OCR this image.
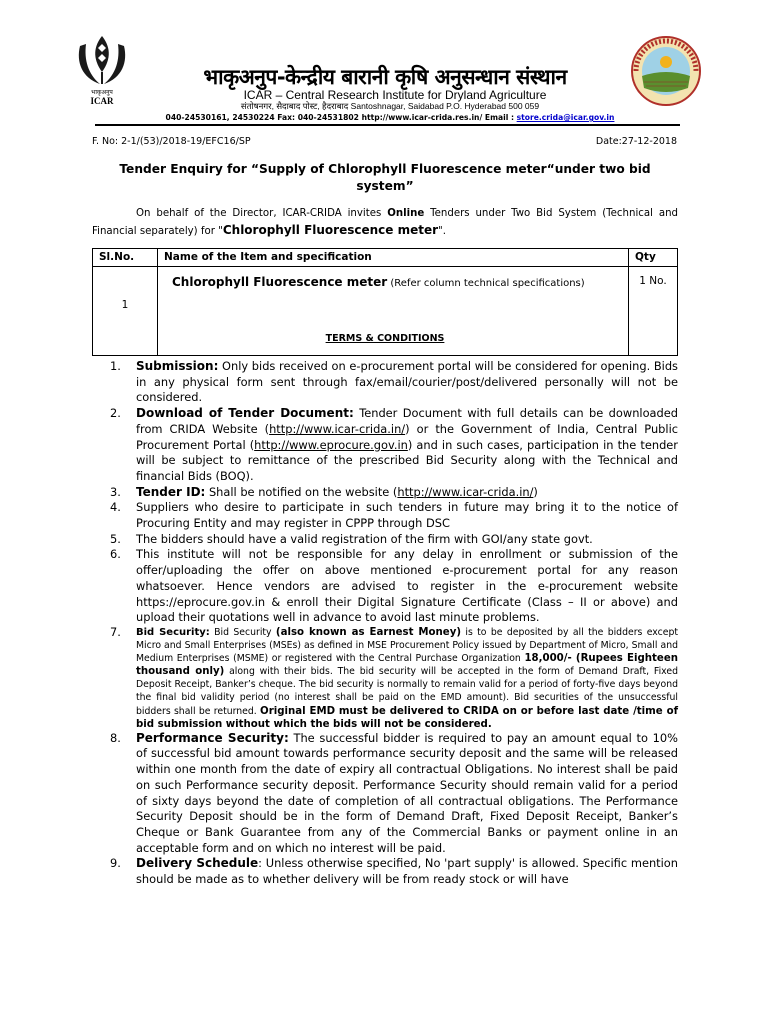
भाकृअनुप
ICAR
भाकृअनुप-केन्द्रीय बारानी कृषि अनुसन्धान संस्थान
ICAR – Central Research Institute for Dryland Agriculture
संतोषनगर, सैदाबाद पोस्ट, हैदराबाद Santoshnagar, Saidabad P.O. Hyderabad 500 059
040-24530161, 24530224 Fax: 040-24531802 http://www.icar-crida.res.in/ Email : store.crida@icar.gov.in
F. No: 2-1/(53)/2018-19/EFC16/SP	Date:27-12-2018
Tender Enquiry for “Supply of Chlorophyll Fluorescence meter“under two bid system”
On behalf of the Director, ICAR-CRIDA invites Online Tenders under Two Bid System (Technical and Financial separately) for "Chlorophyll Fluorescence meter".
Sl.No.	Name of the Item and specification	Qty
1	Chlorophyll Fluorescence meter (Refer column technical specifications)	1 No.
TERMS & CONDITIONS
1. Submission: Only bids received on e-procurement portal will be considered for opening. Bids in any physical form sent through fax/email/courier/post/delivered personally will not be considered.
2. Download of Tender Document: Tender Document with full details can be downloaded from CRIDA Website (http://www.icar-crida.in/) or the Government of India, Central Public Procurement Portal (http://www.eprocure.gov.in) and in such cases, participation in the tender will be subject to remittance of the prescribed Bid Security along with the Technical and financial Bids (BOQ).
3. Tender ID: Shall be notified on the website (http://www.icar-crida.in/)
4. Suppliers who desire to participate in such tenders in future may bring it to the notice of Procuring Entity and may register in CPPP through DSC
5. The bidders should have a valid registration of the firm with GOI/any state govt.
6. This institute will not be responsible for any delay in enrollment or submission of the offer/uploading the offer on above mentioned e-procurement portal for any reason whatsoever. Hence vendors are advised to register in the e-procurement website https://eprocure.gov.in & enroll their Digital Signature Certificate (Class – II or above) and upload their quotations well in advance to avoid last minute problems.
7. Bid Security: Bid Security (also known as Earnest Money) is to be deposited by all the bidders except Micro and Small Enterprises (MSEs) as defined in MSE Procurement Policy issued by Department of Micro, Small and Medium Enterprises (MSME) or registered with the Central Purchase Organization 18,000/- (Rupees Eighteen thousand only) along with their bids. The bid security will be accepted in the form of Demand Draft, Fixed Deposit Receipt, Banker’s cheque. The bid security is normally to remain valid for a period of forty-five days beyond the final bid validity period (no interest shall be paid on the EMD amount). Bid securities of the unsuccessful bidders shall be returned. Original EMD must be delivered to CRIDA on or before last date /time of bid submission without which the bids will not be considered.
8. Performance Security: The successful bidder is required to pay an amount equal to 10% of successful bid amount towards performance security deposit and the same will be released within one month from the date of expiry all contractual Obligations. No interest shall be paid on such Performance security deposit. Performance Security should remain valid for a period of sixty days beyond the date of completion of all contractual obligations. The Performance Security Deposit should be in the form of Demand Draft, Fixed Deposit Receipt, Banker’s Cheque or Bank Guarantee from any of the Commercial Banks or payment online in an acceptable form and on which no interest will be paid.
9. Delivery Schedule: Unless otherwise specified, No 'part supply' is allowed. Specific mention should be made as to whether delivery will be from ready stock or will have
